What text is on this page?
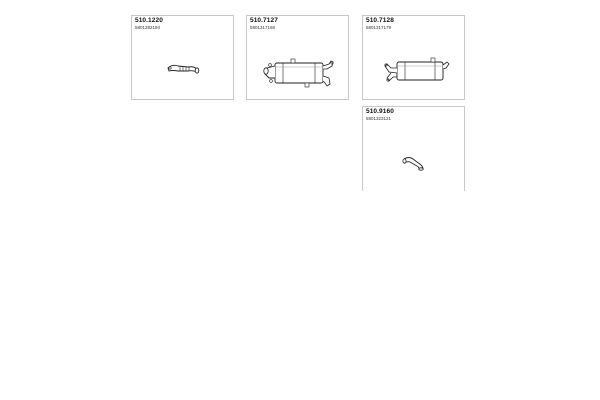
510.1220
5801282194
510.7127
5801317168
510.7128
5801317179
510.9160
5801323121
